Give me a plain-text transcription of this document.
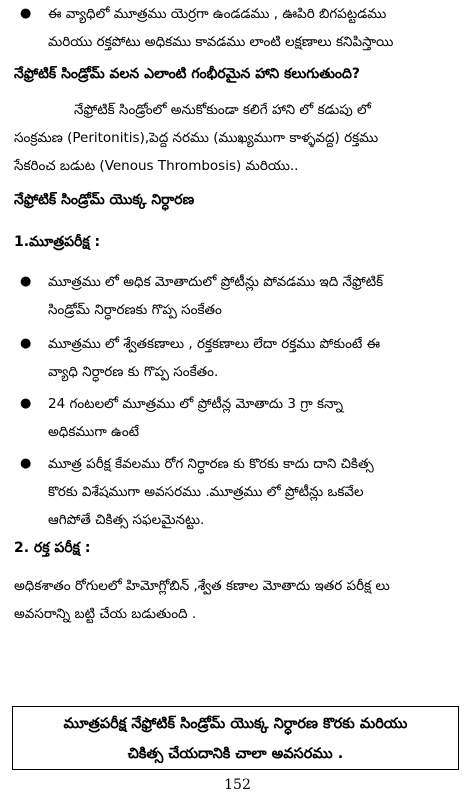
●	ఈ వ్యాధిలో మూత్రము యెర్రగా ఉండడము , ఊపిరి బిగపట్టడము
మరియు రక్తపోటు అధికము కావడము లాంటి లక్షణాలు కనిపిస్తాయి
నేఫ్రోటిక్ సిండ్రోమ్ వలన ఎలాంటి గంభీరమైన హాని కలుగుతుంది?
నేఫ్రోటిక్ సిండ్రోంలో అనుకోకుండా కలిగే హాని లో కడుపు లో
సంక్రమణ (Peritonitis),పెద్ద నరము (ముఖ్యముగా కాళ్ళవద్ద) రక్తము
సేకరించ బడుట (Venous Thrombosis) మరియు..
నేఫ్రోటిక్ సిండ్రోమ్ యొక్క నిర్ధారణ
1.మూత్రపరీక్ష :
●	మూత్రము లో అధిక మోతాదులో ప్రోటీన్లు పోవడము ఇది నేఫ్రోటిక్
సిండ్రోమ్ నిర్ధారణకు గొప్ప సంకేతం
●	మూత్రము లో శ్వేతకణాలు , రక్తకణాలు లేదా రక్తము పోకుంటే ఈ
వ్యాధి నిర్ధారణ కు గొప్ప సంకేతం.
●	24 గంటలలో మూత్రము లో ప్రోటీన్ల మోతాదు 3 గ్రా కన్నా
అధికముగా ఉంటే
●	మూత్ర పరీక్ష కేవలము రోగ నిర్ధారణ కు కొరకు కాదు దాని చికిత్స
కొరకు విశేషముగా అవసరము .మూత్రము లో ప్రోటీన్లు ఒకవేల
ఆగిపోతే చికిత్స సఫలమైనట్టు.
2. రక్త పరీక్ష :
అధికశాతం రోగులలో హిమోగ్లోబిన్ ,శ్వేత కణాల మోతాదు ఇతర పరీక్ష లు
అవసరాన్ని బట్టి చేయ బడుతుంది .
మూత్రపరీక్ష నేఫ్రోటిక్ సిండ్రోమ్ యొక్క నిర్ధారణ కొరకు మరియు
చికిత్స చేయదానికి చాలా అవసరము .
152
